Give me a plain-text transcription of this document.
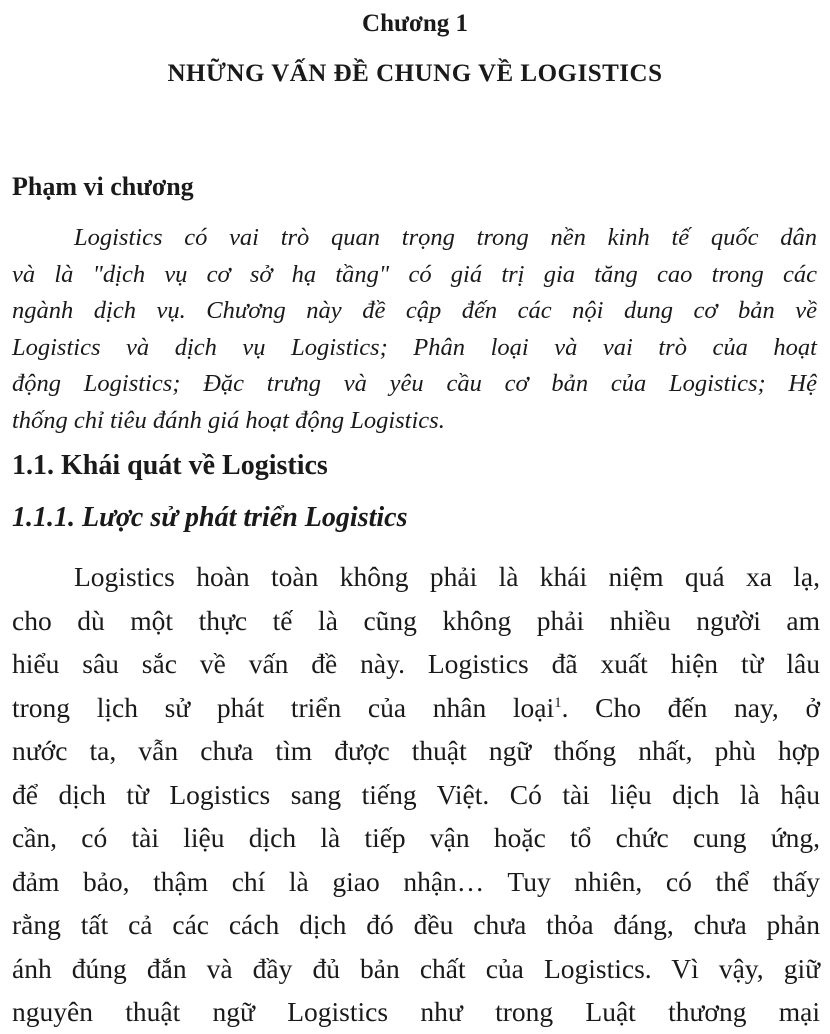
Chương 1
NHỮNG VẤN ĐỀ CHUNG VỀ LOGISTICS
Phạm vi chương
Logistics có vai trò quan trọng trong nền kinh tế quốc dân
và là "dịch vụ cơ sở hạ tầng" có giá trị gia tăng cao trong các
ngành dịch vụ. Chương này đề cập đến các nội dung cơ bản về
Logistics và dịch vụ Logistics; Phân loại và vai trò của hoạt
động Logistics; Đặc trưng và yêu cầu cơ bản của Logistics; Hệ
thống chỉ tiêu đánh giá hoạt động Logistics.
1.1. Khái quát về Logistics
1.1.1. Lược sử phát triển Logistics
Logistics hoàn toàn không phải là khái niệm quá xa lạ,
cho dù một thực tế là cũng không phải nhiều người am
hiểu sâu sắc về vấn đề này. Logistics đã xuất hiện từ lâu
trong lịch sử phát triển của nhân loại$^1$. Cho đến nay, ở
nước ta, vẫn chưa tìm được thuật ngữ thống nhất, phù hợp
để dịch từ Logistics sang tiếng Việt. Có tài liệu dịch là hậu
cần, có tài liệu dịch là tiếp vận hoặc tổ chức cung ứng,
đảm bảo, thậm chí là giao nhận… Tuy nhiên, có thể thấy
rằng tất cả các cách dịch đó đều chưa thỏa đáng, chưa phản
ánh đúng đắn và đầy đủ bản chất của Logistics. Vì vậy, giữ
nguyên thuật ngữ Logistics như trong Luật thương mại
